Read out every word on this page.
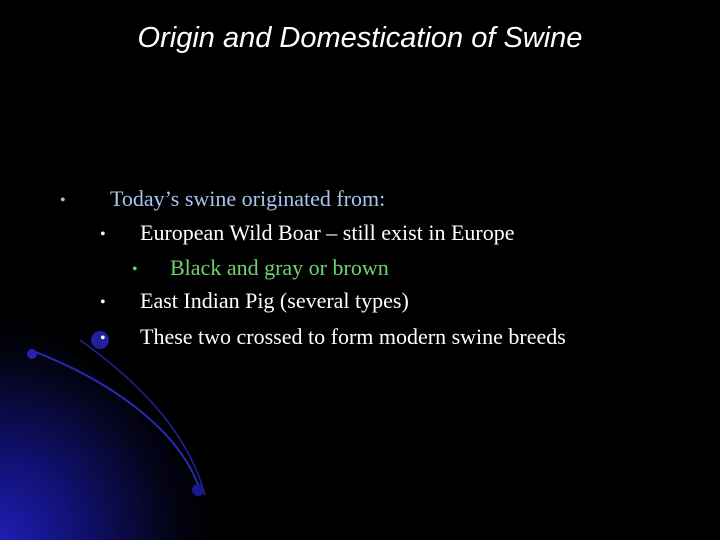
Origin and Domestication of Swine
• Today’s swine originated from:
• European Wild Boar – still exist in Europe
• Black and gray or brown
• East Indian Pig (several types)
• These two crossed to form modern swine breeds
